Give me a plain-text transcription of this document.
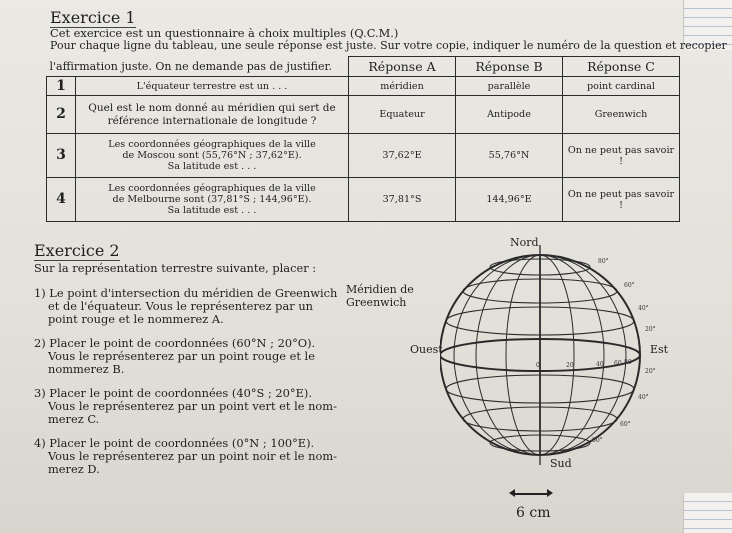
Exercice 1
Cet exercice est un questionnaire à choix multiples (Q.C.M.)
Pour chaque ligne du tableau, une seule réponse est juste. Sur votre copie, indiquer le numéro de la question et recopier
l'affirmation juste. On ne demande pas de justifier.		Réponse A	Réponse B	Réponse C
1	L'équateur terrestre est un . . .	méridien	parallèle	point cardinal
2	Quel est le nom donné au méridien qui sert de
référence internationale de longitude ?	Equateur	Antipode	Greenwich
3	Les coordonnées géographiques de la ville
de Moscou sont (55,76°N ; 37,62°E).
Sa latitude est . . .	37,62°E	55,76°N	On ne peut pas savoir !
4	Les coordonnées géographiques de la ville
de Melbourne sont (37,81°S ; 144,96°E).
Sa latitude est . . .	37,81°S	144,96°E	On ne peut pas savoir !
Exercice 2
Sur la représentation terrestre suivante, placer :
1) Le point d'intersection du méridien de Greenwich
et de l'équateur. Vous le représenterez par un
point rouge et le nommerez A.
2) Placer le point de coordonnées (60°N ; 20°O).
Vous le représenterez par un point rouge et le
nommerez B.
3) Placer le point de coordonnées (40°S ; 20°E).
Vous le représenterez par un point vert et le nom-
merez C.
4) Placer le point de coordonnées (0°N ; 100°E).
Vous le représenterez par un point noir et le nom-
merez D.
Nord
Sud
Est
Ouest
Méridien de
Greenwich
80°
60°
40°
20°
20°
40°
60°
80°
0	20	40 60 80
6 cm
